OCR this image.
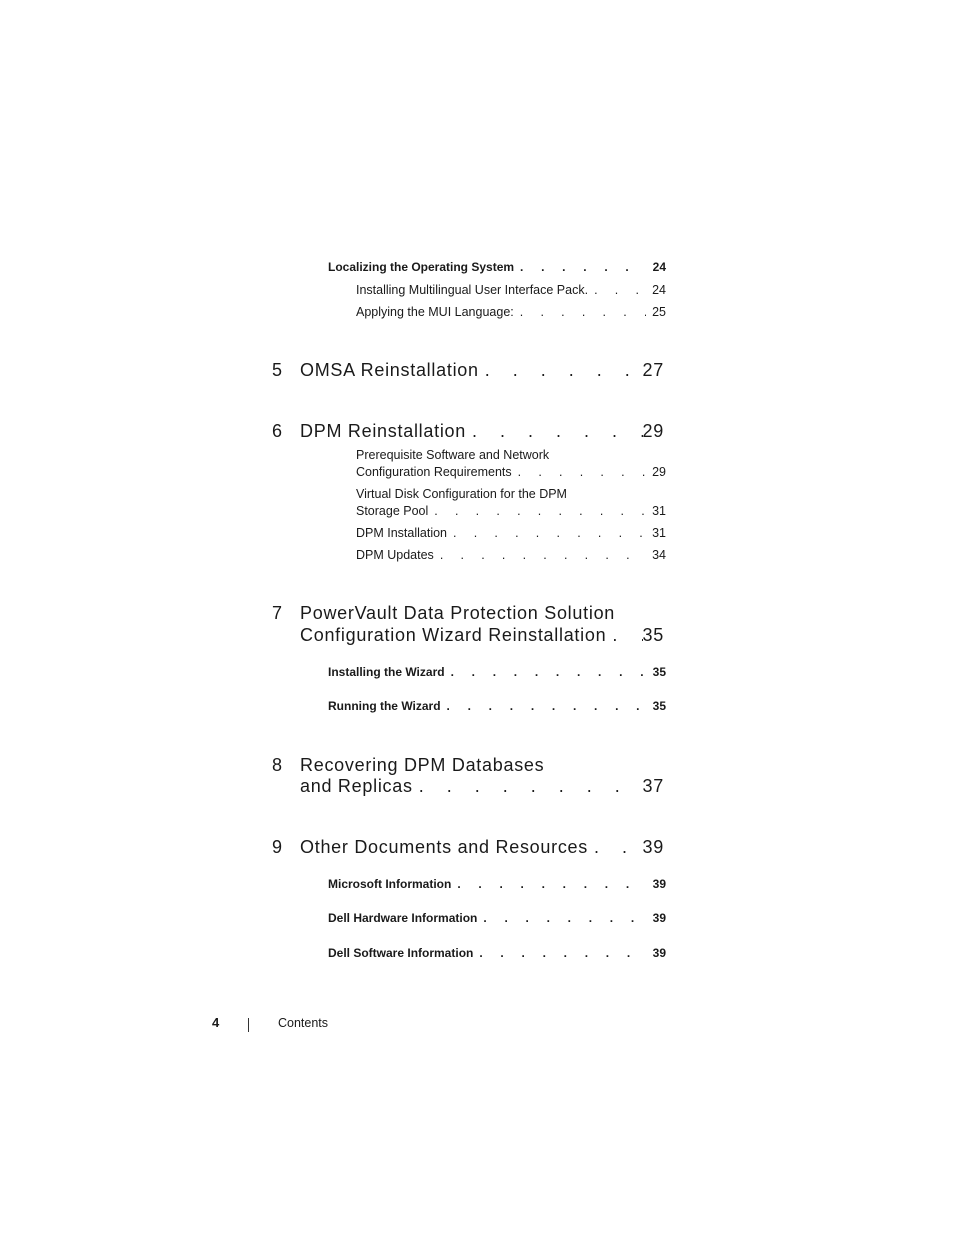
Localizing the Operating System . . .	24
Installing Multilingual User Interface Pack. . . .	24
Applying the MUI Language: . . .	25
5 OMSA Reinstallation . . .	27
6 DPM Reinstallation . . .	29
Prerequisite Software and Network
Configuration Requirements . . .	29
Virtual Disk Configuration for the DPM
Storage Pool . . .	31
DPM Installation . . .	31
DPM Updates . . .	34
7 PowerVault Data Protection Solution
Configuration Wizard Reinstallation . . . 35
Installing the Wizard . . .	35
Running the Wizard . . .	35
8 Recovering DPM Databases
and Replicas . . .	37
9 Other Documents and Resources . . .	39
Microsoft Information . . .	39
Dell Hardware Information . . .	39
Dell Software Information . . .	39
4	Contents
